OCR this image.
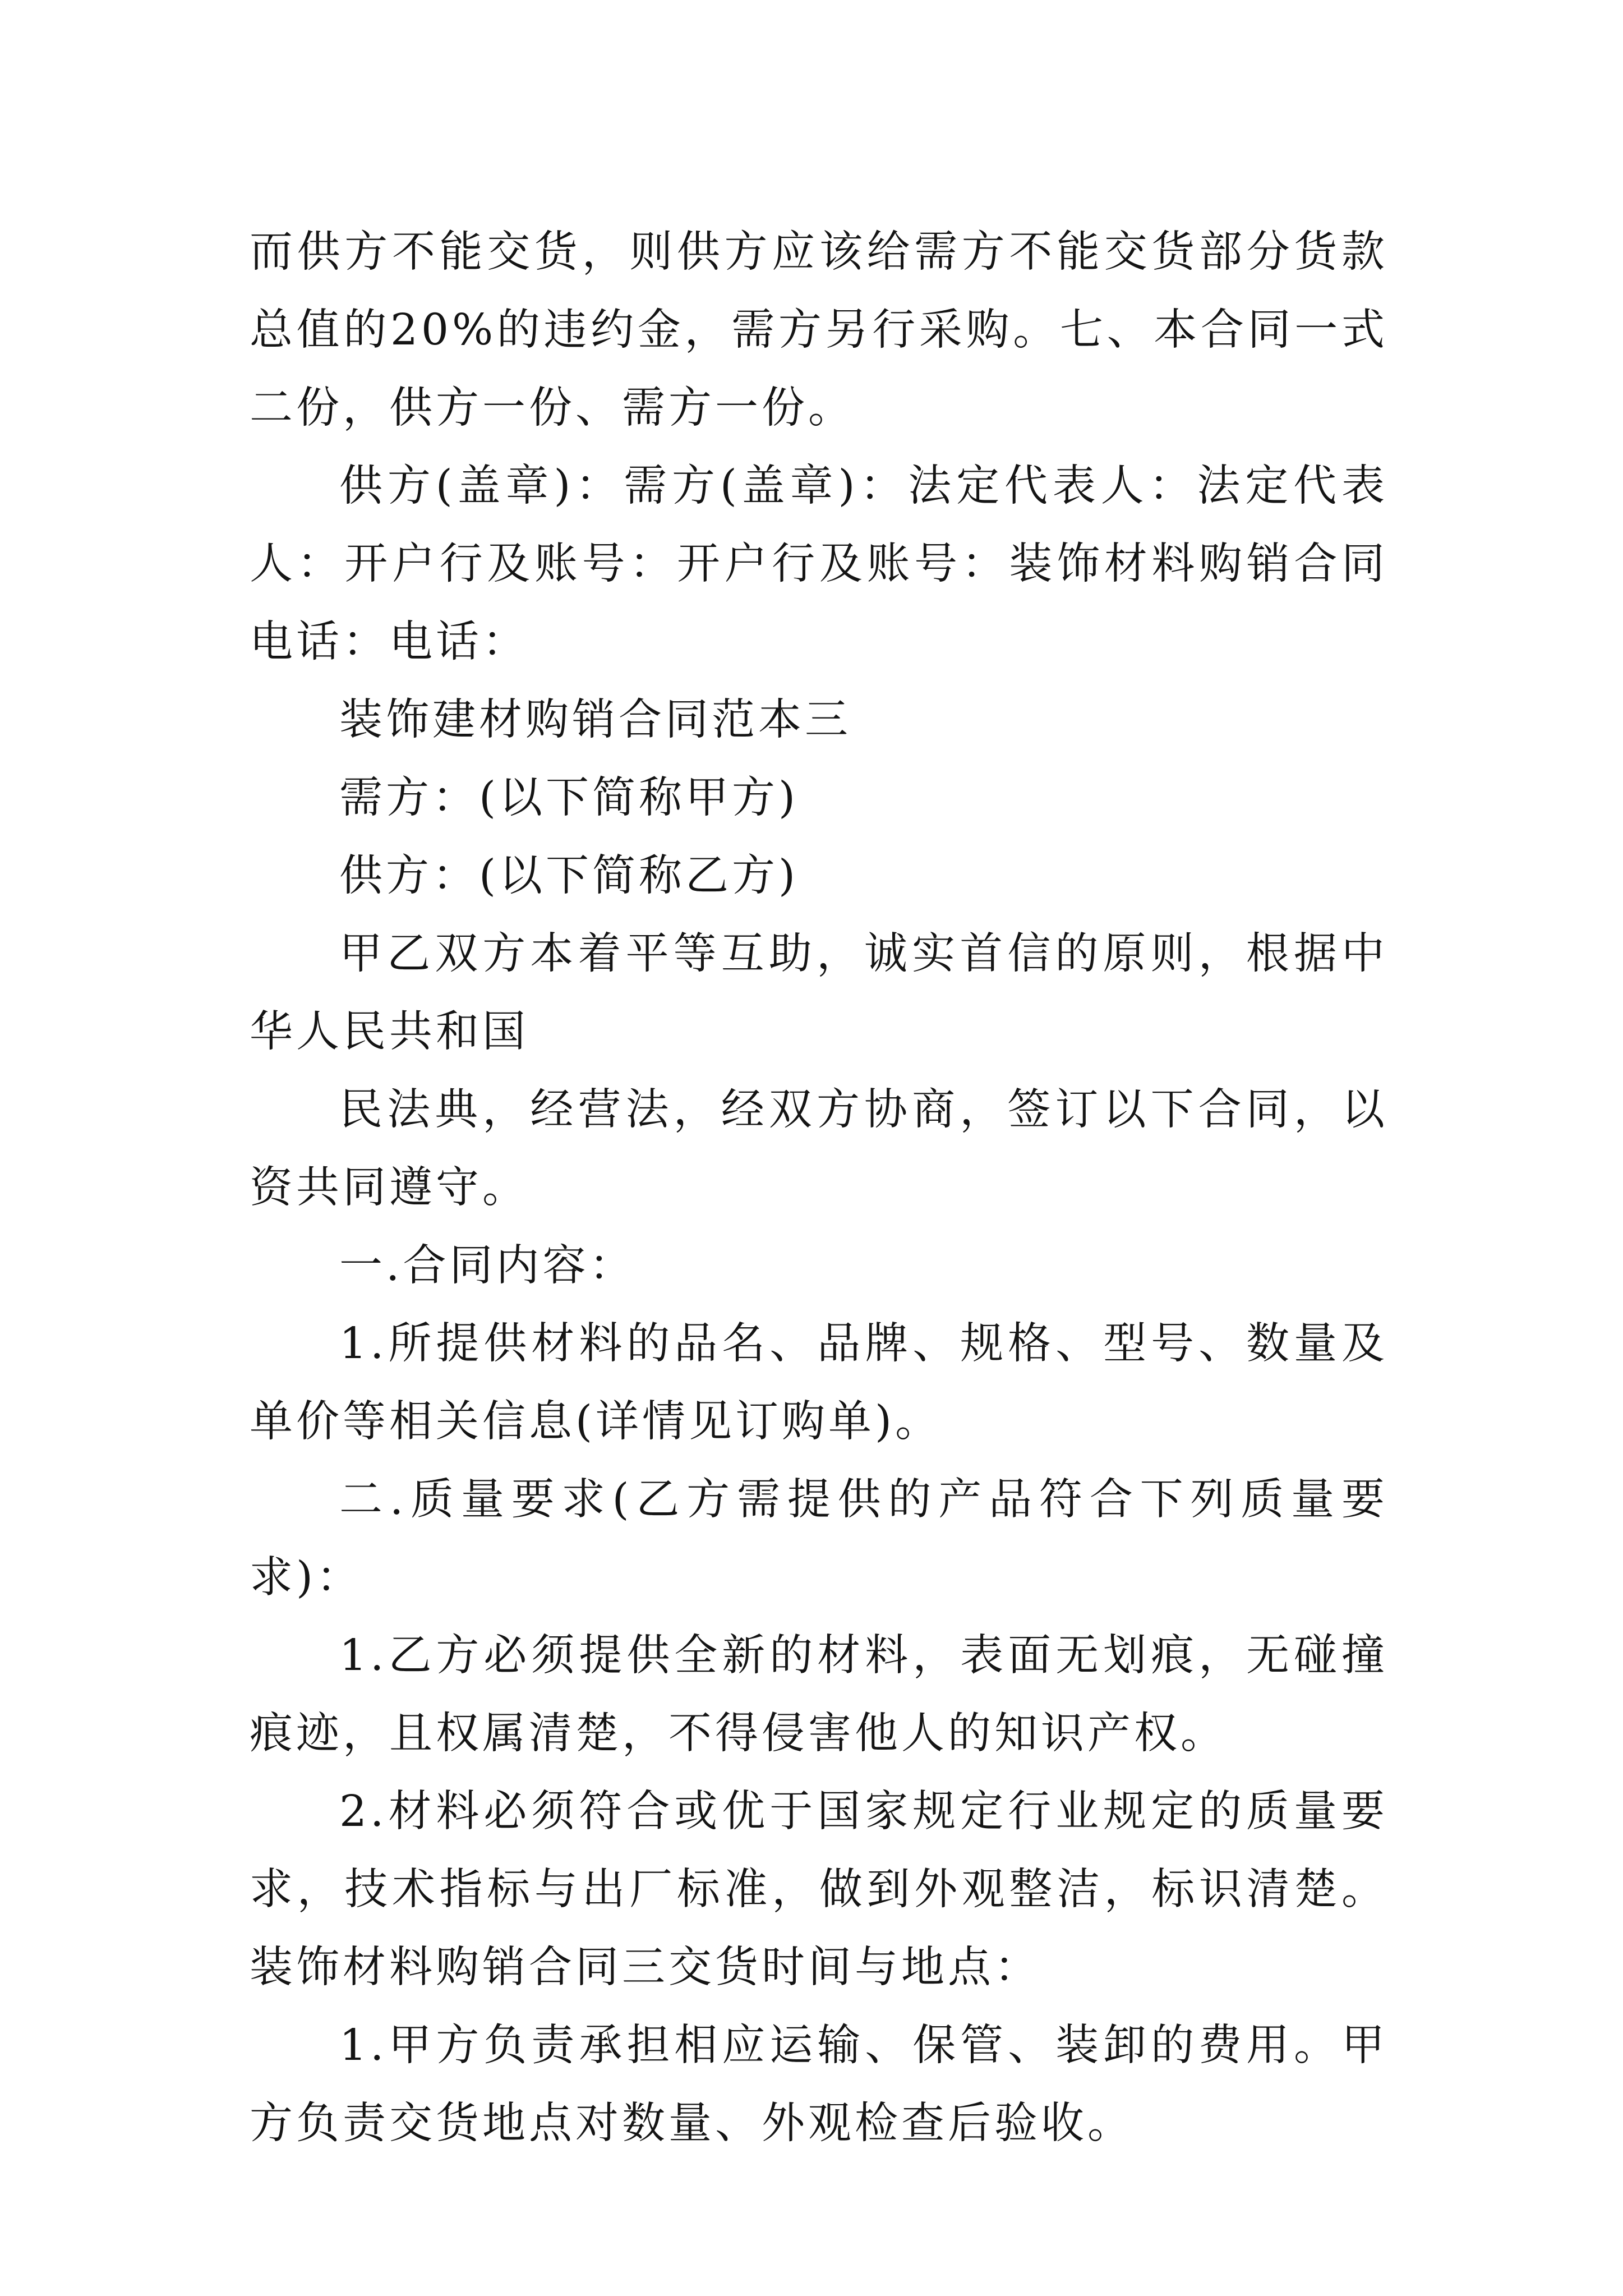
而供方不能交货，则供方应该给需方不能交货部分货款总值的20%的违约金，需方另行采购。七、本合同一式二份，供方一份、需方一份。

供方(盖章)：需方(盖章)：法定代表人：法定代表人：开户行及账号：开户行及账号：装饰材料购销合同电话：电话：

装饰建材购销合同范本三

需方：(以下简称甲方)

供方：(以下简称乙方)

甲乙双方本着平等互助，诚实首信的原则，根据中华人民共和国

民法典，经营法，经双方协商，签订以下合同，以资共同遵守。

一.合同内容：

1.所提供材料的品名、品牌、规格、型号、数量及单价等相关信息(详情见订购单)。

二.质量要求(乙方需提供的产品符合下列质量要求)：

1.乙方必须提供全新的材料，表面无划痕，无碰撞痕迹，且权属清楚，不得侵害他人的知识产权。

2.材料必须符合或优于国家规定行业规定的质量要求，技术指标与出厂标准，做到外观整洁，标识清楚。装饰材料购销合同三交货时间与地点：

1.甲方负责承担相应运输、保管、装卸的费用。甲方负责交货地点对数量、外观检查后验收。
